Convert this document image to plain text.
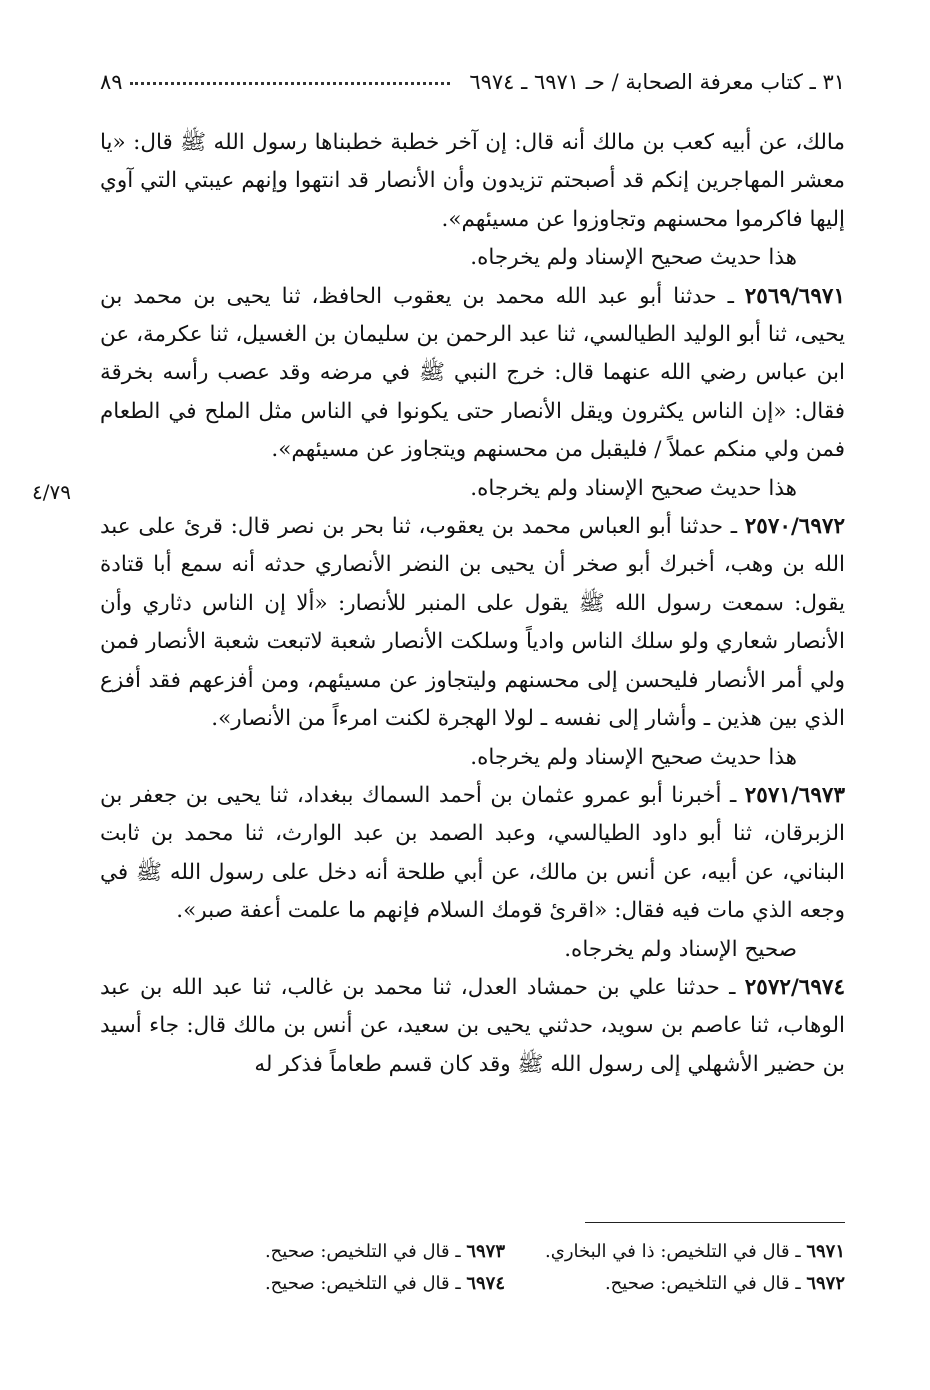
٣١ ـ كتاب معرفة الصحابة / حـ ٦٩٧١ ـ ٦٩٧٤
٨٩

مالك، عن أبيه كعب بن مالك أنه قال: إن آخر خطبة خطبناها رسول الله ﷺ قال: «يا معشر المهاجرين إنكم قد أصبحتم تزيدون وأن الأنصار قد انتهوا وإنهم عيبتي التي آوي إليها فاكرموا محسنهم وتجاوزوا عن مسيئهم».

هذا حديث صحيح الإسناد ولم يخرجاه.

٢٥٦٩/٦٩٧١ ـ حدثنا أبو عبد الله محمد بن يعقوب الحافظ، ثنا يحيى بن محمد بن يحيى، ثنا أبو الوليد الطيالسي، ثنا عبد الرحمن بن سليمان بن الغسيل، ثنا عكرمة، عن ابن عباس رضي الله عنهما قال: خرج النبي ﷺ في مرضه وقد عصب رأسه بخرقة فقال: «إن الناس يكثرون ويقل الأنصار حتى يكونوا في الناس مثل الملح في الطعام فمن ولي منكم عملاً / فليقبل من محسنهم ويتجاوز عن مسيئهم».

هذا حديث صحيح الإسناد ولم يخرجاه.

٢٥٧٠/٦٩٧٢ ـ حدثنا أبو العباس محمد بن يعقوب، ثنا بحر بن نصر قال: قرئ على عبد الله بن وهب، أخبرك أبو صخر أن يحيى بن النضر الأنصاري حدثه أنه سمع أبا قتادة يقول: سمعت رسول الله ﷺ يقول على المنبر للأنصار: «ألا إن الناس دثاري وأن الأنصار شعاري ولو سلك الناس وادياً وسلكت الأنصار شعبة لاتبعت شعبة الأنصار فمن ولي أمر الأنصار فليحسن إلى محسنهم وليتجاوز عن مسيئهم، ومن أفزعهم فقد أفزع الذي بين هذين ـ وأشار إلى نفسه ـ لولا الهجرة لكنت امرءاً من الأنصار».

هذا حديث صحيح الإسناد ولم يخرجاه.

٢٥٧١/٦٩٧٣ ـ أخبرنا أبو عمرو عثمان بن أحمد السماك ببغداد، ثنا يحيى بن جعفر بن الزبرقان، ثنا أبو داود الطيالسي، وعبد الصمد بن عبد الوارث، ثنا محمد بن ثابت البناني، عن أبيه، عن أنس بن مالك، عن أبي طلحة أنه دخل على رسول الله ﷺ في وجعه الذي مات فيه فقال: «اقرئ قومك السلام فإنهم ما علمت أعفة صبر».

صحيح الإسناد ولم يخرجاه.

٢٥٧٢/٦٩٧٤ ـ حدثنا علي بن حمشاد العدل، ثنا محمد بن غالب، ثنا عبد الله بن عبد الوهاب، ثنا عاصم بن سويد، حدثني يحيى بن سعيد، عن أنس بن مالك قال: جاء أسيد بن حضير الأشهلي إلى رسول الله ﷺ وقد كان قسم طعاماً فذكر له

٤/٧٩
٦٩٧١ ـ قال في التلخيص: ذا في البخاري.
٦٩٧٣ ـ قال في التلخيص: صحيح.
٦٩٧٢ ـ قال في التلخيص: صحيح.
٦٩٧٤ ـ قال في التلخيص: صحيح.
